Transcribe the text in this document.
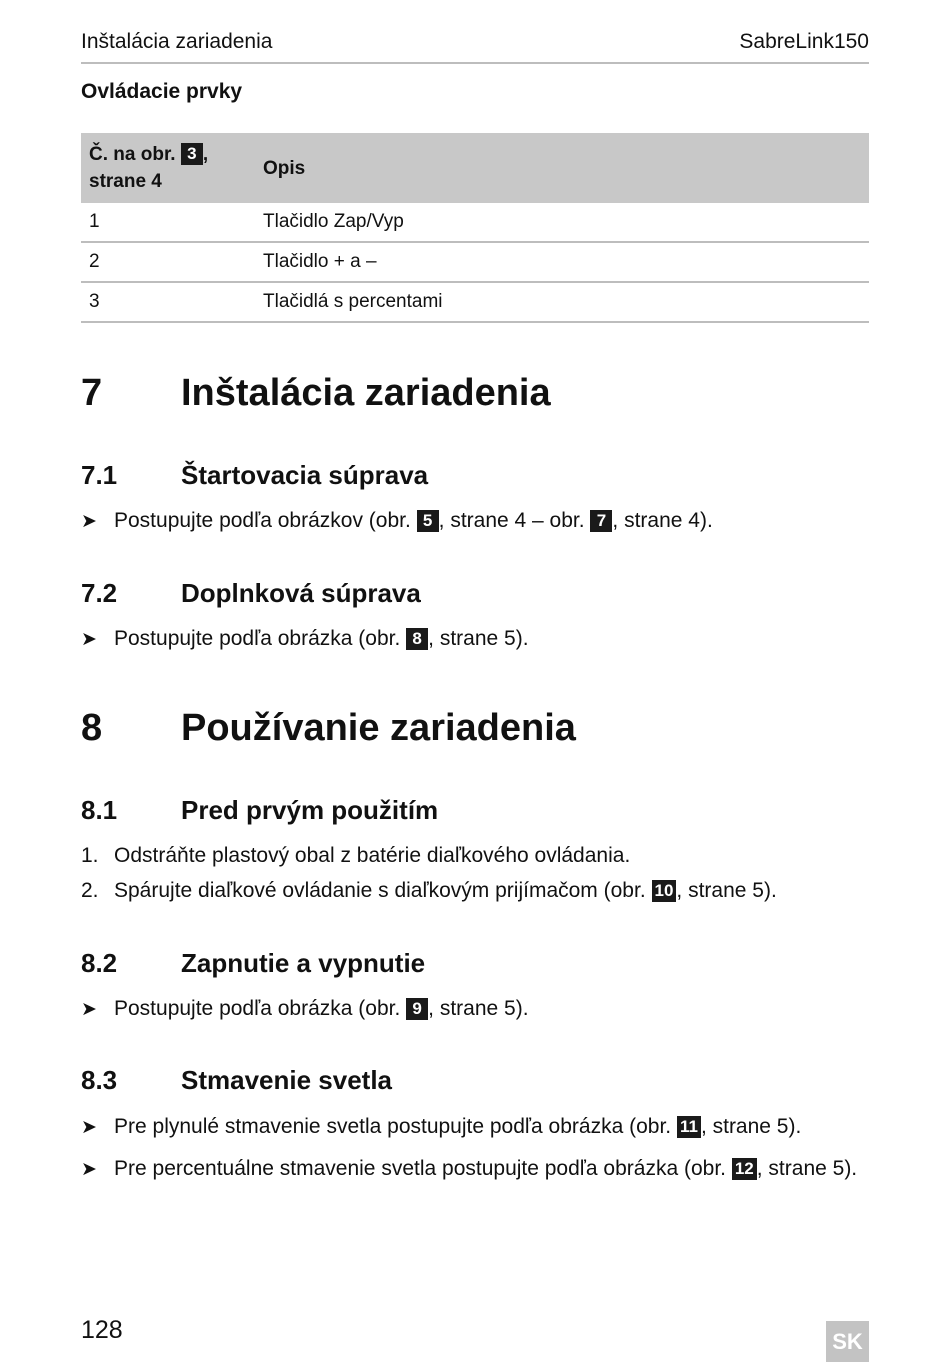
Inštalácia zariadenia	SabreLink150
Ovládacie prvky
Č. na obr. 3 ,
strane 4	Opis
1	Tlačidlo Zap/Vyp
2	Tlačidlo + a –
3	Tlačidlá s percentami
7 Inštalácia zariadenia
7.1 Štartovacia súprava
➤ Postupujte podľa obrázkov (obr. 5 , strane 4 – obr. 7 , strane 4).
7.2 Doplnková súprava
➤ Postupujte podľa obrázka (obr. 8 , strane 5).
8 Používanie zariadenia
8.1 Pred prvým použitím
1. Odstráňte plastový obal z batérie diaľkového ovládania.
2. Spárujte diaľkové ovládanie s diaľkovým prijímačom (obr. 10 , strane 5).
8.2 Zapnutie a vypnutie
➤ Postupujte podľa obrázka (obr. 9 , strane 5).
8.3 Stmavenie svetla
➤ Pre plynulé stmavenie svetla postupujte podľa obrázka (obr. 11 , strane 5).
➤ Pre percentuálne stmavenie svetla postupujte podľa obrázka (obr. 12 , strane 5).
128	SK
